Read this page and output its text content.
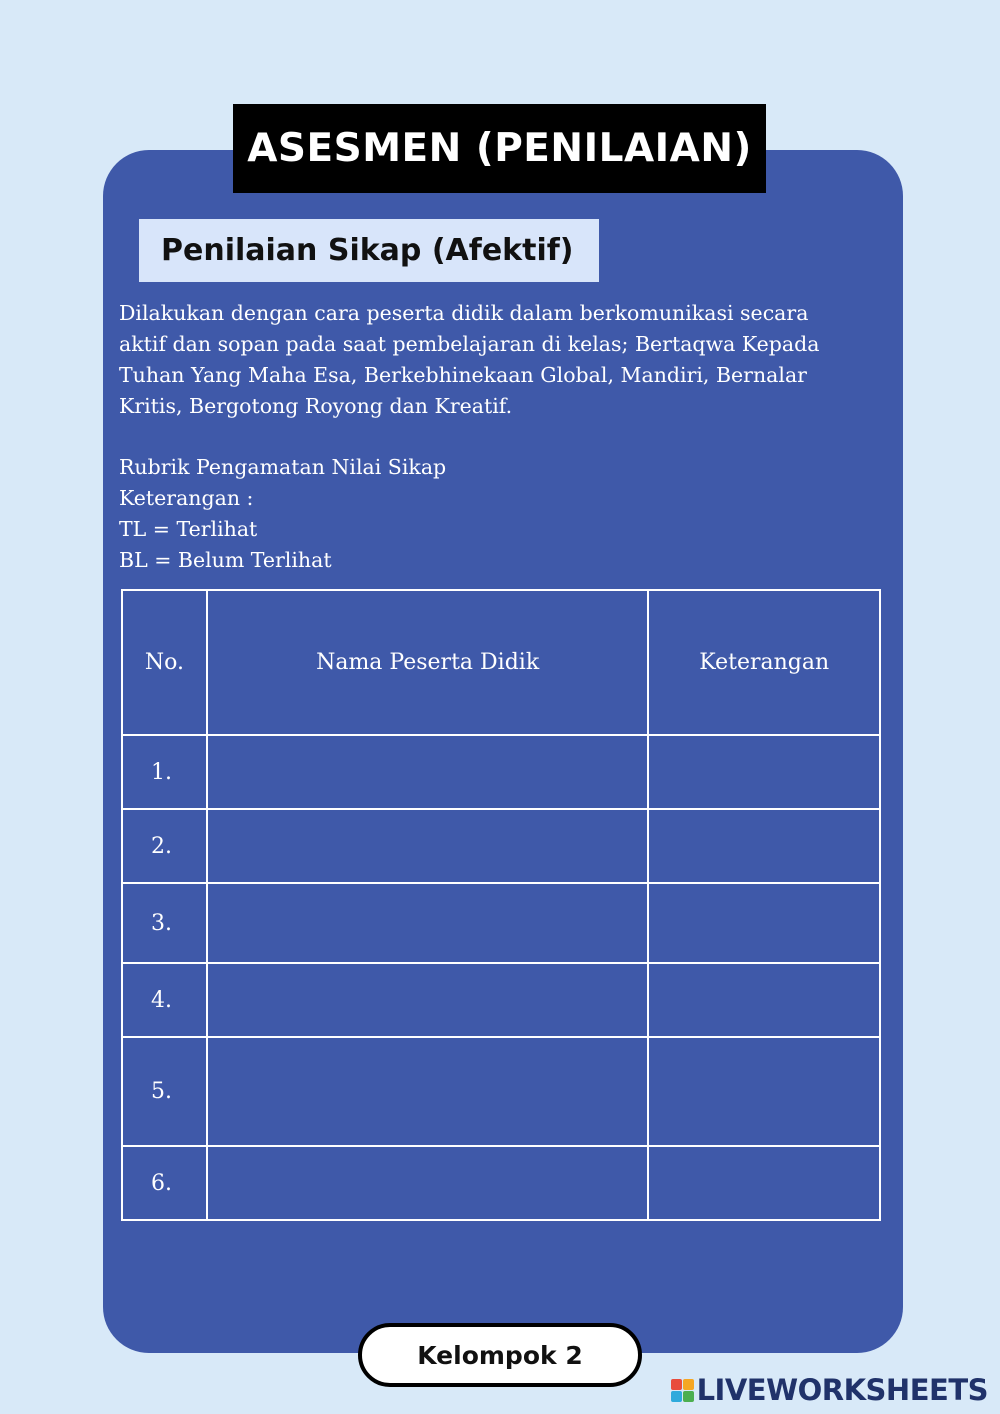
ASESMEN (PENILAIAN)
Penilaian Sikap (Afektif)

Dilakukan dengan cara peserta didik dalam berkomunikasi secara aktif dan sopan pada saat pembelajaran di kelas; Bertaqwa Kepada Tuhan Yang Maha Esa, Berkebhinekaan Global, Mandiri, Bernalar Kritis, Bergotong Royong dan Kreatif.

Rubrik Pengamatan Nilai Sikap
Keterangan :
TL = Terlihat
BL = Belum Terlihat
No.	Nama Peserta Didik	Keterangan
1.		
2.		
3.		
4.		
5.		
6.		
Kelompok 2
LIVEWORKSHEETS
